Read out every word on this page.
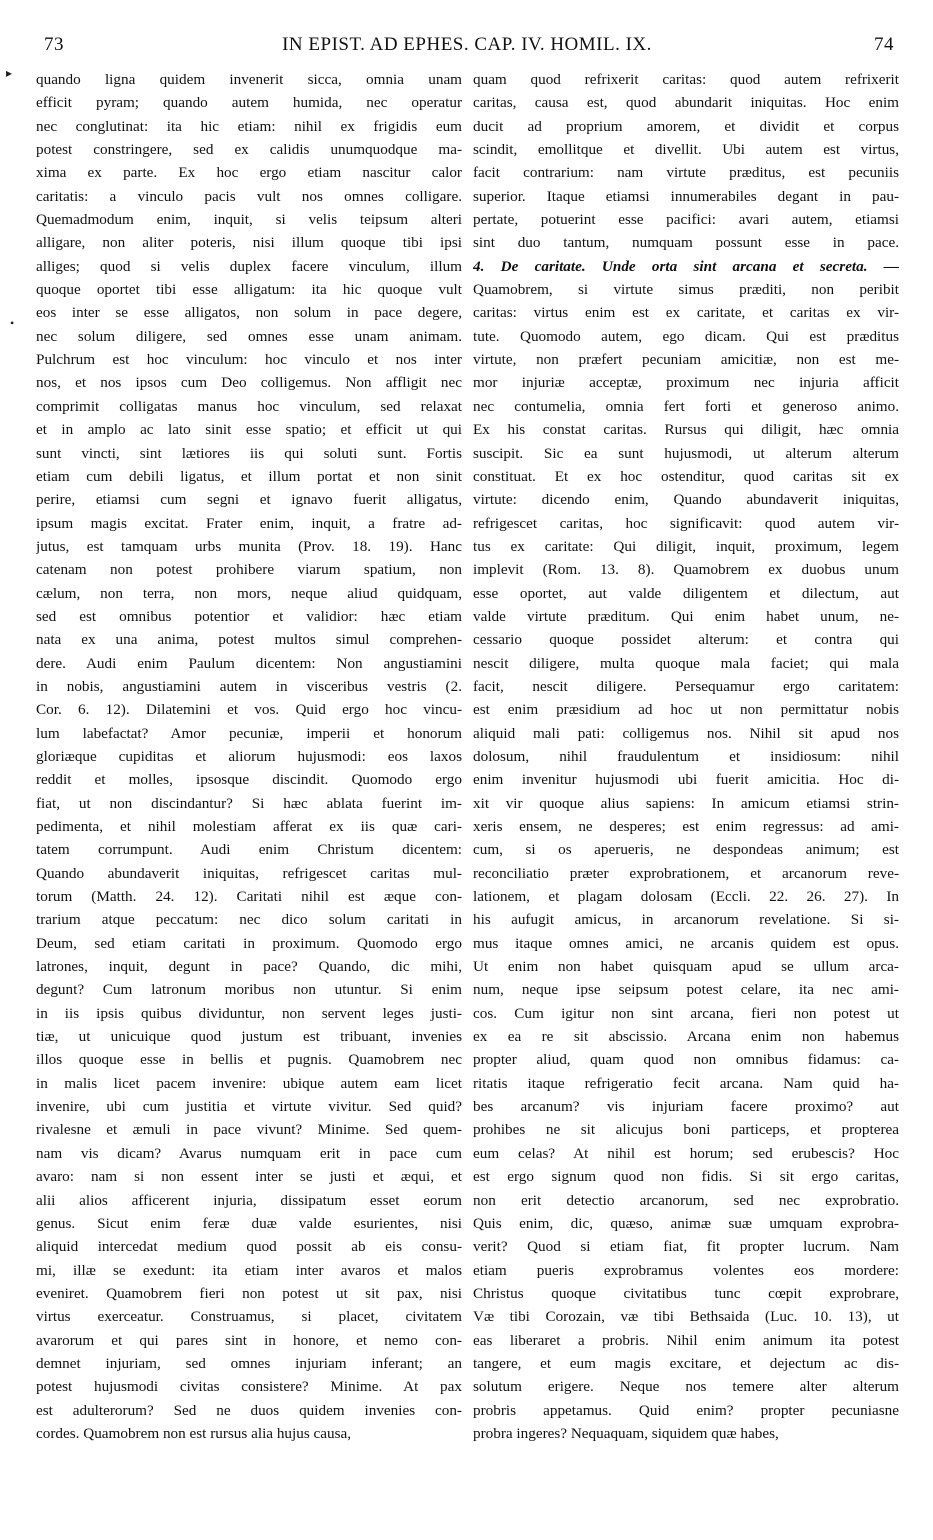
73	IN EPIST. AD EPHES. CAP. IV. HOMIL. IX.	74
▸
•
quando ligna quidem invenerit sicca, omnia unam
efficit pyram; quando autem humida, nec operatur
nec conglutinat: ita hic etiam: nihil ex frigidis eum
potest constringere, sed ex calidis unumquodque ma-
xima ex parte. Ex hoc ergo etiam nascitur calor
caritatis: a vinculo pacis vult nos omnes colligare.
Quemadmodum enim, inquit, si velis teipsum alteri
alligare, non aliter poteris, nisi illum quoque tibi ipsi
alliges; quod si velis duplex facere vinculum, illum
quoque oportet tibi esse alligatum: ita hic quoque vult
eos inter se esse alligatos, non solum in pace degere,
nec solum diligere, sed omnes esse unam animam.
Pulchrum est hoc vinculum: hoc vinculo et nos inter
nos, et nos ipsos cum Deo colligemus. Non affligit nec
comprimit colligatas manus hoc vinculum, sed relaxat
et in amplo ac lato sinit esse spatio; et efficit ut qui
sunt vincti, sint lætiores iis qui soluti sunt. Fortis
etiam cum debili ligatus, et illum portat et non sinit
perire, etiamsi cum segni et ignavo fuerit alligatus,
ipsum magis excitat. Frater enim, inquit, a fratre ad-
jutus, est tamquam urbs munita (Prov. 18. 19). Hanc
catenam non potest prohibere viarum spatium, non
cælum, non terra, non mors, neque aliud quidquam,
sed est omnibus potentior et validior: hæc etiam
nata ex una anima, potest multos simul comprehen-
dere. Audi enim Paulum dicentem: Non angustiamini
in nobis, angustiamini autem in visceribus vestris (2.
Cor. 6. 12). Dilatemini et vos. Quid ergo hoc vincu-
lum labefactat? Amor pecuniæ, imperii et honorum
gloriæque cupiditas et aliorum hujusmodi: eos laxos
reddit et molles, ipsosque discindit. Quomodo ergo
fiat, ut non discindantur? Si hæc ablata fuerint im-
pedimenta, et nihil molestiam afferat ex iis quæ cari-
tatem corrumpunt. Audi enim Christum dicentem:
Quando abundaverit iniquitas, refrigescet caritas mul-
torum (Matth. 24. 12). Caritati nihil est æque con-
trarium atque peccatum: nec dico solum caritati in
Deum, sed etiam caritati in proximum. Quomodo ergo
latrones, inquit, degunt in pace? Quando, dic mihi,
degunt? Cum latronum moribus non utuntur. Si enim
in iis ipsis quibus dividuntur, non servent leges justi-
tiæ, ut unicuique quod justum est tribuant, invenies
illos quoque esse in bellis et pugnis. Quamobrem nec
in malis licet pacem invenire: ubique autem eam licet
invenire, ubi cum justitia et virtute vivitur. Sed quid?
rivalesne et æmuli in pace vivunt? Minime. Sed quem-
nam vis dicam? Avarus numquam erit in pace cum
avaro: nam si non essent inter se justi et æqui, et
alii alios afficerent injuria, dissipatum esset eorum
genus. Sicut enim feræ duæ valde esurientes, nisi
aliquid intercedat medium quod possit ab eis consu-
mi, illæ se exedunt: ita etiam inter avaros et malos
eveniret. Quamobrem fieri non potest ut sit pax, nisi
virtus exerceatur. Construamus, si placet, civitatem
avarorum et qui pares sint in honore, et nemo con-
demnet injuriam, sed omnes injuriam inferant; an
potest hujusmodi civitas consistere? Minime. At pax
est adulterorum? Sed ne duos quidem invenies con-
cordes. Quamobrem non est rursus alia hujus causa,
quam quod refrixerit caritas: quod autem refrixerit
caritas, causa est, quod abundarit iniquitas. Hoc enim
ducit ad proprium amorem, et dividit et corpus
scindit, emollitque et divellit. Ubi autem est virtus,
facit contrarium: nam virtute præditus, est pecuniis
superior. Itaque etiamsi innumerabiles degant in pau-
pertate, potuerint esse pacifici: avari autem, etiamsi
sint duo tantum, numquam possunt esse in pace.
4. De caritate. Unde orta sint arcana et secreta. —
Quamobrem, si virtute simus præditi, non peribit
caritas: virtus enim est ex caritate, et caritas ex vir-
tute. Quomodo autem, ego dicam. Qui est præditus
virtute, non præfert pecuniam amicitiæ, non est me-
mor injuriæ acceptæ, proximum nec injuria afficit
nec contumelia, omnia fert forti et generoso animo.
Ex his constat caritas. Rursus qui diligit, hæc omnia
suscipit. Sic ea sunt hujusmodi, ut alterum alterum
constituat. Et ex hoc ostenditur, quod caritas sit ex
virtute: dicendo enim, Quando abundaverit iniquitas,
refrigescet caritas, hoc significavit: quod autem vir-
tus ex caritate: Qui diligit, inquit, proximum, legem
implevit (Rom. 13. 8). Quamobrem ex duobus unum
esse oportet, aut valde diligentem et dilectum, aut
valde virtute præditum. Qui enim habet unum, ne-
cessario quoque possidet alterum: et contra qui
nescit diligere, multa quoque mala faciet; qui mala
facit, nescit diligere. Persequamur ergo caritatem:
est enim præsidium ad hoc ut non permittatur nobis
aliquid mali pati: colligemus nos. Nihil sit apud nos
dolosum, nihil fraudulentum et insidiosum: nihil
enim invenitur hujusmodi ubi fuerit amicitia. Hoc di-
xit vir quoque alius sapiens: In amicum etiamsi strin-
xeris ensem, ne desperes; est enim regressus: ad ami-
cum, si os aperueris, ne despondeas animum; est
reconciliatio præter exprobrationem, et arcanorum reve-
lationem, et plagam dolosam (Eccli. 22. 26. 27). In
his aufugit amicus, in arcanorum revelatione. Si si-
mus itaque omnes amici, ne arcanis quidem est opus.
Ut enim non habet quisquam apud se ullum arca-
num, neque ipse seipsum potest celare, ita nec ami-
cos. Cum igitur non sint arcana, fieri non potest ut
ex ea re sit abscissio. Arcana enim non habemus
propter aliud, quam quod non omnibus fidamus: ca-
ritatis itaque refrigeratio fecit arcana. Nam quid ha-
bes arcanum? vis injuriam facere proximo? aut
prohibes ne sit alicujus boni particeps, et propterea
eum celas? At nihil est horum; sed erubescis? Hoc
est ergo signum quod non fidis. Si sit ergo caritas,
non erit detectio arcanorum, sed nec exprobratio.
Quis enim, dic, quæso, animæ suæ umquam exprobra-
verit? Quod si etiam fiat, fit propter lucrum. Nam
etiam pueris exprobramus volentes eos mordere:
Christus quoque civitatibus tunc cœpit exprobrare,
Væ tibi Corozain, væ tibi Bethsaida (Luc. 10. 13), ut
eas liberaret a probris. Nihil enim animum ita potest
tangere, et eum magis excitare, et dejectum ac dis-
solutum erigere. Neque nos temere alter alterum
probris appetamus. Quid enim? propter pecuniasne
probra ingeres? Nequaquam, siquidem quæ habes,
